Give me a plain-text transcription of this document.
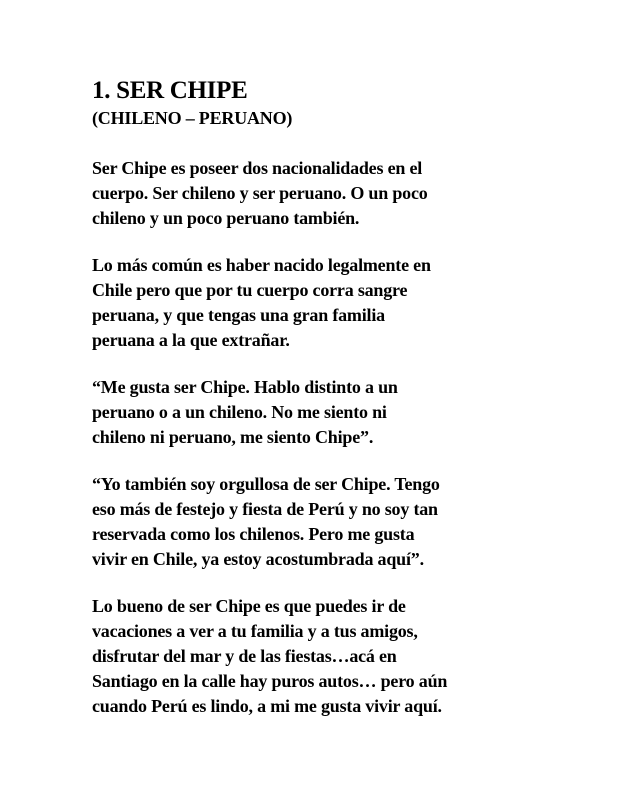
1. SER CHIPE
(CHILENO – PERUANO)

Ser Chipe es poseer dos nacionalidades en el
cuerpo. Ser chileno y ser peruano. O un poco
chileno y un poco peruano también.

Lo más común es haber nacido legalmente en
Chile pero que por tu cuerpo corra sangre
peruana, y que tengas una gran familia
peruana a la que extrañar.

“Me gusta ser Chipe. Hablo distinto a un
peruano o a un chileno. No me siento ni
chileno ni peruano, me siento Chipe”.

“Yo también soy orgullosa de ser Chipe. Tengo
eso más de festejo y fiesta de Perú y no soy tan
reservada como los chilenos. Pero me gusta
vivir en Chile, ya estoy acostumbrada aquí”.

Lo bueno de ser Chipe es que puedes ir de
vacaciones a ver a tu familia y a tus amigos,
disfrutar del mar y de las fiestas…acá en
Santiago en la calle hay puros autos… pero aún
cuando Perú es lindo, a mi me gusta vivir aquí.
